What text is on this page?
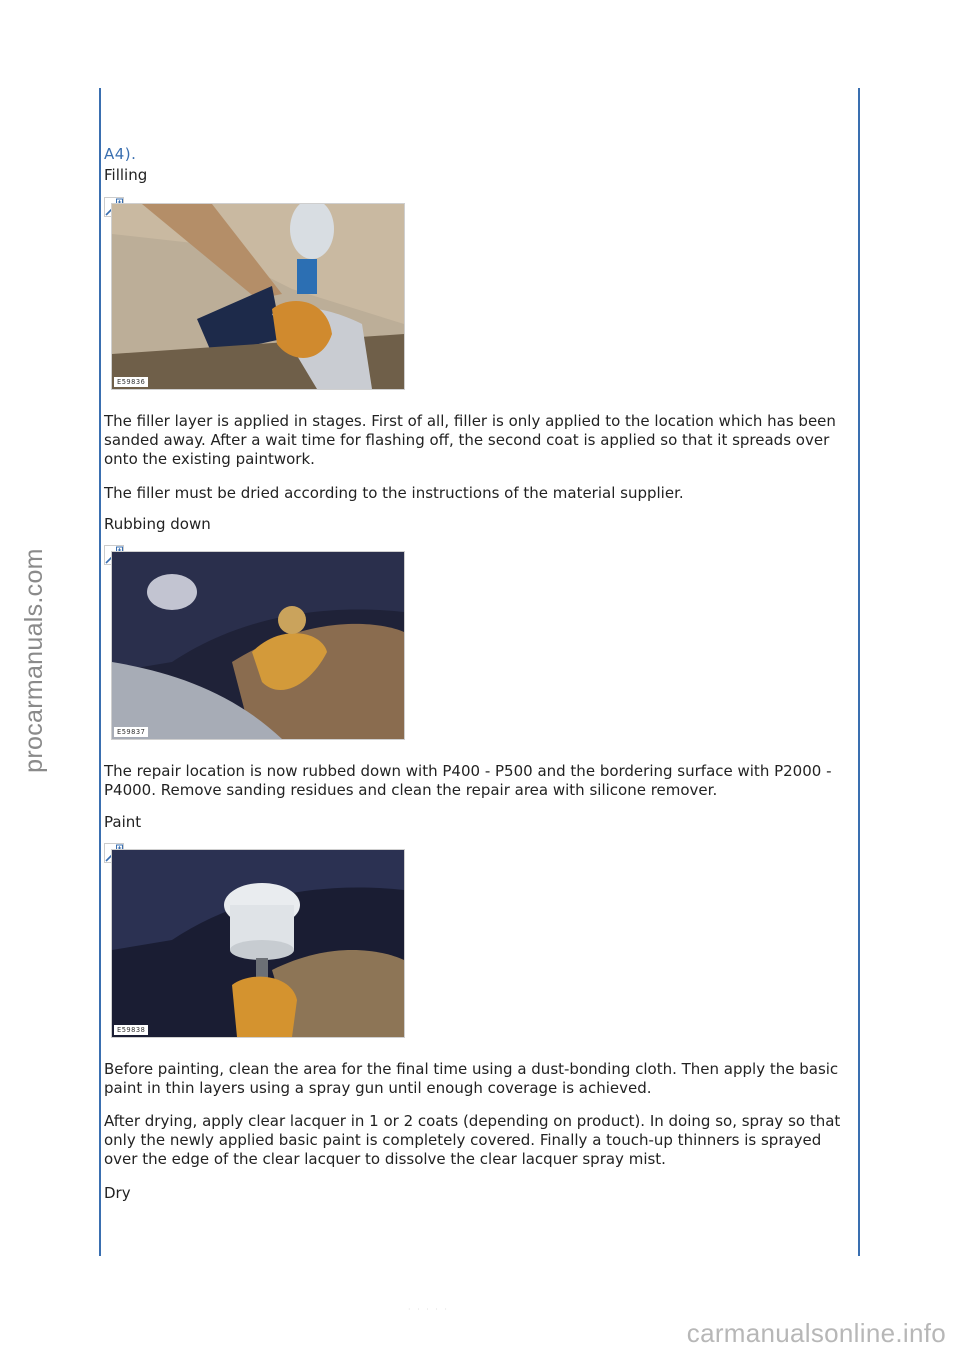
A4).

Filling

E59836

The filler layer is applied in stages. First of all, filler is only applied to the location which has been sanded away. After a wait time for flashing off, the second coat is applied so that it spreads over onto the existing paintwork.

The filler must be dried according to the instructions of the material supplier.

Rubbing down

E59837

The repair location is now rubbed down with P400 - P500 and the bordering surface with P2000 - P4000. Remove sanding residues and clean the repair area with silicone remover.

Paint

E59838

Before painting, clean the area for the final time using a dust-bonding cloth. Then apply the basic paint in thin layers using a spray gun until enough coverage is achieved.

After drying, apply clear lacquer in 1 or 2 coats (depending on product). In doing so, spray so that only the newly applied basic paint is completely covered. Finally a touch-up thinners is sprayed over the edge of the clear lacquer to dissolve the clear lacquer spray mist.

Dry

· · · · ·
procarmanuals.com
carmanualsonline.info
